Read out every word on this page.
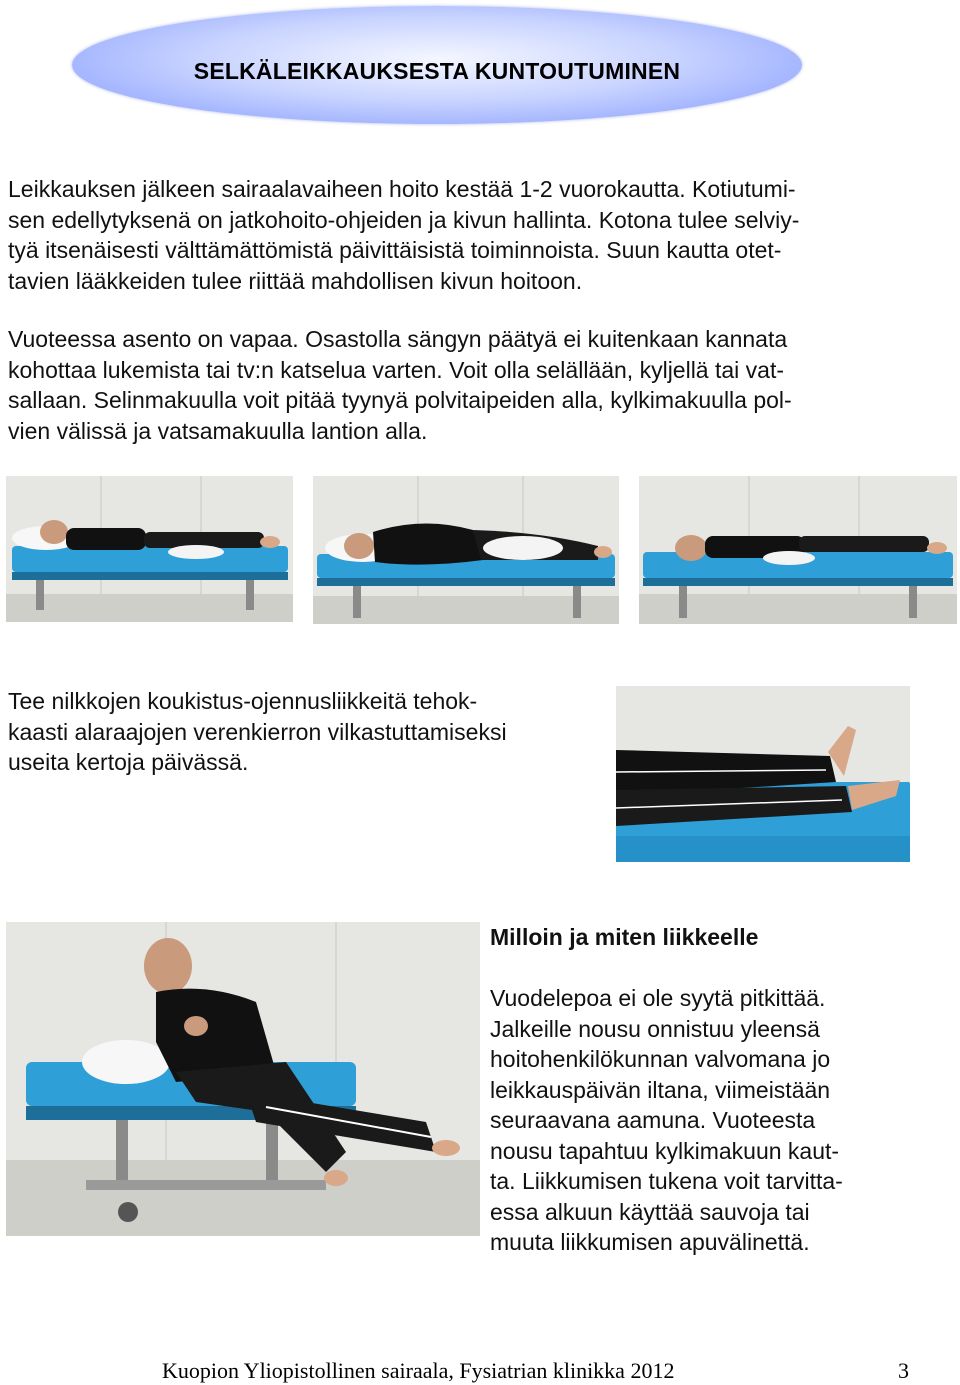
SELKÄLEIKKAUKSESTA KUNTOUTUMINEN
Leikkauksen jälkeen sairaalavaiheen hoito kestää 1-2 vuorokautta. Kotiutumi-
sen edellytyksenä on jatkohoito-ohjeiden ja kivun hallinta. Kotona tulee selviy-
tyä itsenäisesti välttämättömistä päivittäisistä toiminnoista. Suun kautta otet-
tavien lääkkeiden tulee riittää mahdollisen kivun hoitoon.
Vuoteessa asento on vapaa. Osastolla sängyn päätyä ei kuitenkaan kannata
kohottaa lukemista tai tv:n katselua varten. Voit olla selällään, kyljellä tai vat-
sallaan. Selinmakuulla voit pitää tyynyä polvitaipeiden alla, kylkimakuulla pol-
vien välissä ja vatsamakuulla lantion alla.
Tee nilkkojen koukistus-ojennusliikkeitä tehok-
kaasti alaraajojen verenkierron vilkastuttamiseksi
useita kertoja päivässä.
Milloin ja miten liikkeelle
Vuodelepoa ei ole syytä pitkittää.
Jalkeille nousu onnistuu yleensä
hoitohenkilökunnan valvomana jo
leikkauspäivän iltana, viimeistään
seuraavana aamuna. Vuoteesta
nousu tapahtuu kylkimakuun kaut-
ta. Liikkumisen tukena voit tarvitta-
essa alkuun käyttää sauvoja tai
muuta liikkumisen apuvälinettä.
Kuopion Yliopistollinen sairaala, Fysiatrian klinikka 2012	3
